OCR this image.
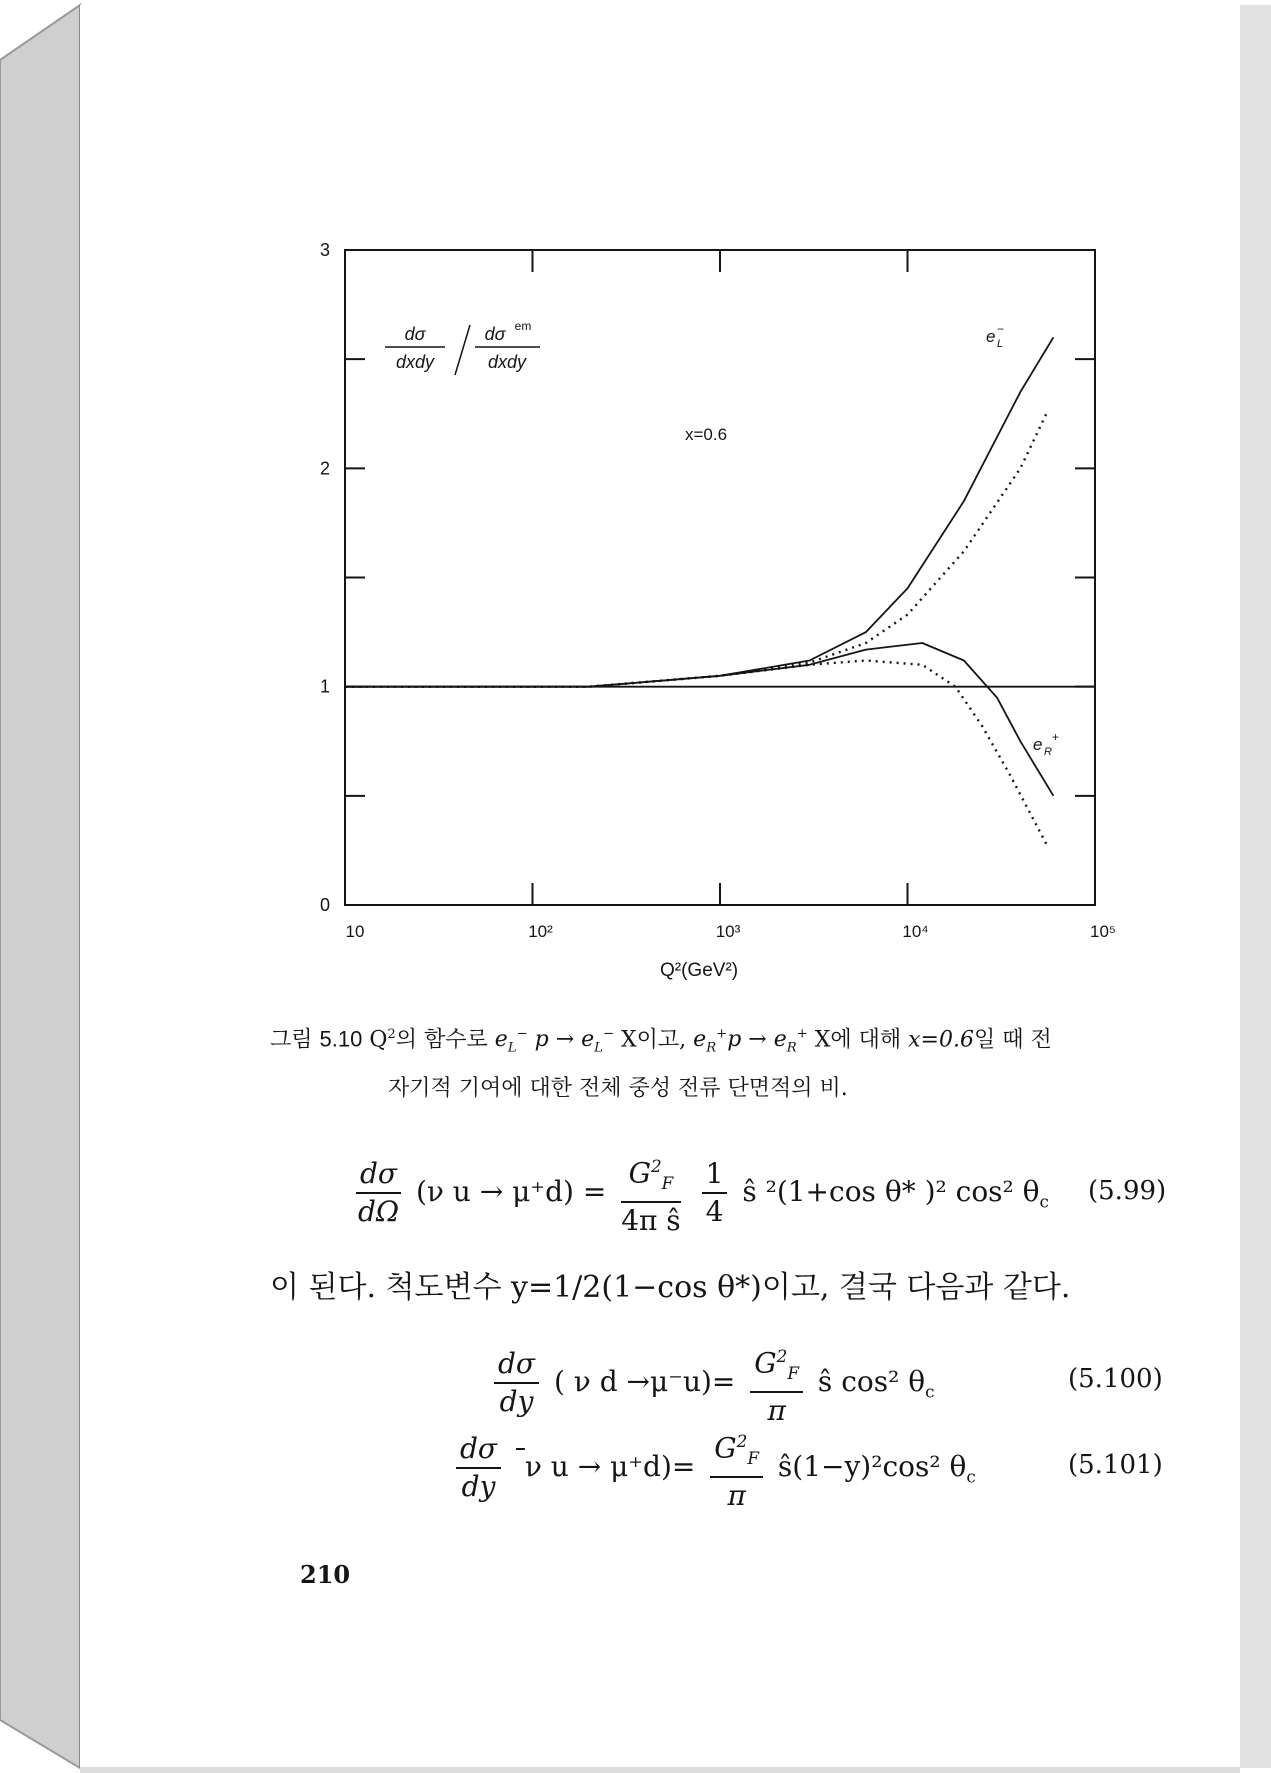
10	10²	10³	10⁴	10⁵
0
1
2
3
dσ
dxdy
dσ em
dxdy
x=0.6
e L
−
e R
+
Q²(GeV²)
그림 5.10 $Q^2$의 함수로 $e_L^-$ $p \to e_L^-$ X이고, $e_R^+p \to e_R^+$ X에 대해 x=0.6일 때 전
자기적 기여에 대한 전체 중성 전류 단면적의 비.
$\frac{d\sigma}{d\Omega} (\nu$ $u \to \mu^+d) = \frac{G^2_F}{\text{4π ŝ}}$
$\frac{1}{4}$ ŝ ²(1+cos θ* )² cos² $\theta_c$ (5.99)
이 된다. 척도변수 y=1/2(1−cos θ*)이고, 결국 다음과 같다.
$\frac{d\sigma}{dy}$ ( ν $d \to\mu^-u)= \frac{G^2_F}{\pi}$ ŝ cos² $\theta_c$	(5.100)
$\frac{d\sigma}{dy}$ ν $u \to \mu^+d)= \frac{G^2_F}{\pi}$ ŝ(1−y)²cos² $\theta_c$	(5.101)
210
